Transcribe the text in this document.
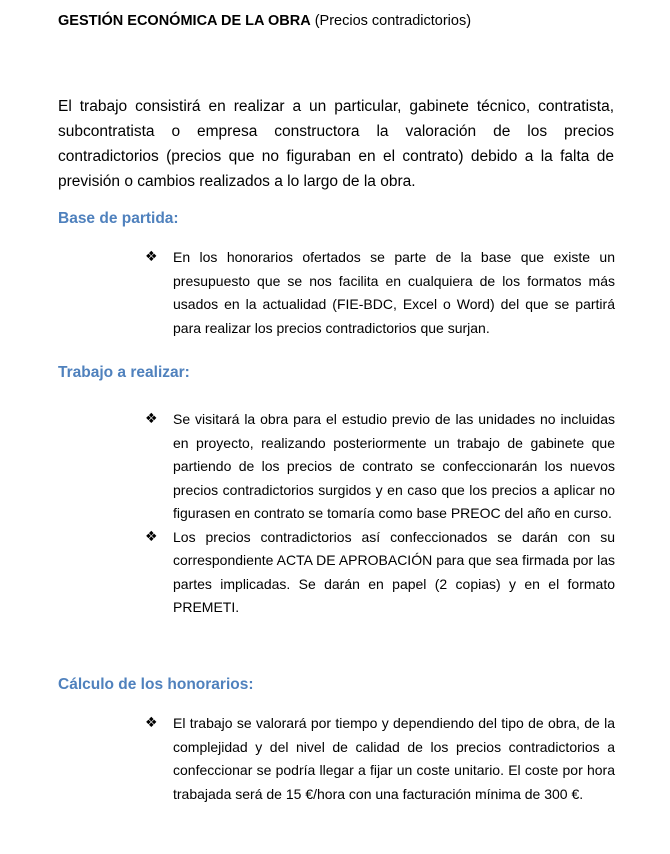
GESTIÓN ECONÓMICA DE LA OBRA (Precios contradictorios)

El trabajo consistirá en realizar a un particular, gabinete técnico, contratista, subcontratista o empresa constructora la valoración de los precios contradictorios (precios que no figuraban en el contrato) debido a la falta de previsión o cambios realizados a lo largo de la obra.

Base de partida:
❖ En los honorarios ofertados se parte de la base que existe un presupuesto que se nos facilita en cualquiera de los formatos más usados en la actualidad (FIE-BDC, Excel o Word) del que se partirá para realizar los precios contradictorios que surjan.
Trabajo a realizar:
❖ Se visitará la obra para el estudio previo de las unidades no incluidas en proyecto, realizando posteriormente un trabajo de gabinete que partiendo de los precios de contrato se confeccionarán los nuevos precios contradictorios surgidos y en caso que los precios a aplicar no figurasen en contrato se tomaría como base PREOC del año en curso.
❖ Los precios contradictorios así confeccionados se darán con su correspondiente ACTA DE APROBACIÓN para que sea firmada por las partes implicadas. Se darán en papel (2 copias) y en el formato PREMETI.
Cálculo de los honorarios:
❖ El trabajo se valorará por tiempo y dependiendo del tipo de obra, de la complejidad y del nivel de calidad de los precios contradictorios a confeccionar se podría llegar a fijar un coste unitario. El coste por hora trabajada será de 15 €/hora con una facturación mínima de 300 €.
